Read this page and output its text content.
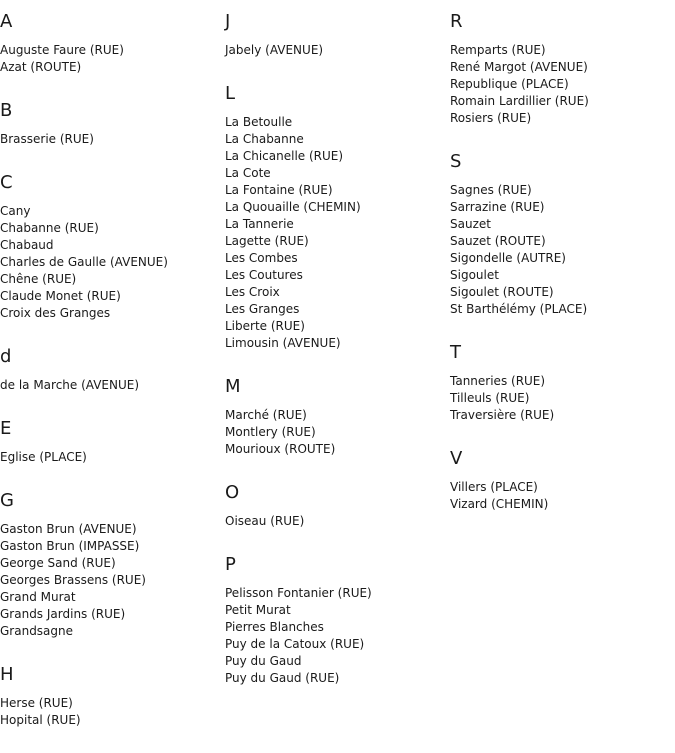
A
Auguste Faure (RUE)
Azat (ROUTE)
B
Brasserie (RUE)
C
Cany
Chabanne (RUE)
Chabaud
Charles de Gaulle (AVENUE)
Chêne (RUE)
Claude Monet (RUE)
Croix des Granges
d
de la Marche (AVENUE)
E
Eglise (PLACE)
G
Gaston Brun (AVENUE)
Gaston Brun (IMPASSE)
George Sand (RUE)
Georges Brassens (RUE)
Grand Murat
Grands Jardins (RUE)
Grandsagne
H
Herse (RUE)
Hopital (RUE)
J
Jabely (AVENUE)
L
La Betoulle
La Chabanne
La Chicanelle (RUE)
La Cote
La Fontaine (RUE)
La Quouaille (CHEMIN)
La Tannerie
Lagette (RUE)
Les Combes
Les Coutures
Les Croix
Les Granges
Liberte (RUE)
Limousin (AVENUE)
M
Marché (RUE)
Montlery (RUE)
Mourioux (ROUTE)
O
Oiseau (RUE)
P
Pelisson Fontanier (RUE)
Petit Murat
Pierres Blanches
Puy de la Catoux (RUE)
Puy du Gaud
Puy du Gaud (RUE)
R
Remparts (RUE)
René Margot (AVENUE)
Republique (PLACE)
Romain Lardillier (RUE)
Rosiers (RUE)
S
Sagnes (RUE)
Sarrazine (RUE)
Sauzet
Sauzet (ROUTE)
Sigondelle (AUTRE)
Sigoulet
Sigoulet (ROUTE)
St Barthélémy (PLACE)
T
Tanneries (RUE)
Tilleuls (RUE)
Traversière (RUE)
V
Villers (PLACE)
Vizard (CHEMIN)
